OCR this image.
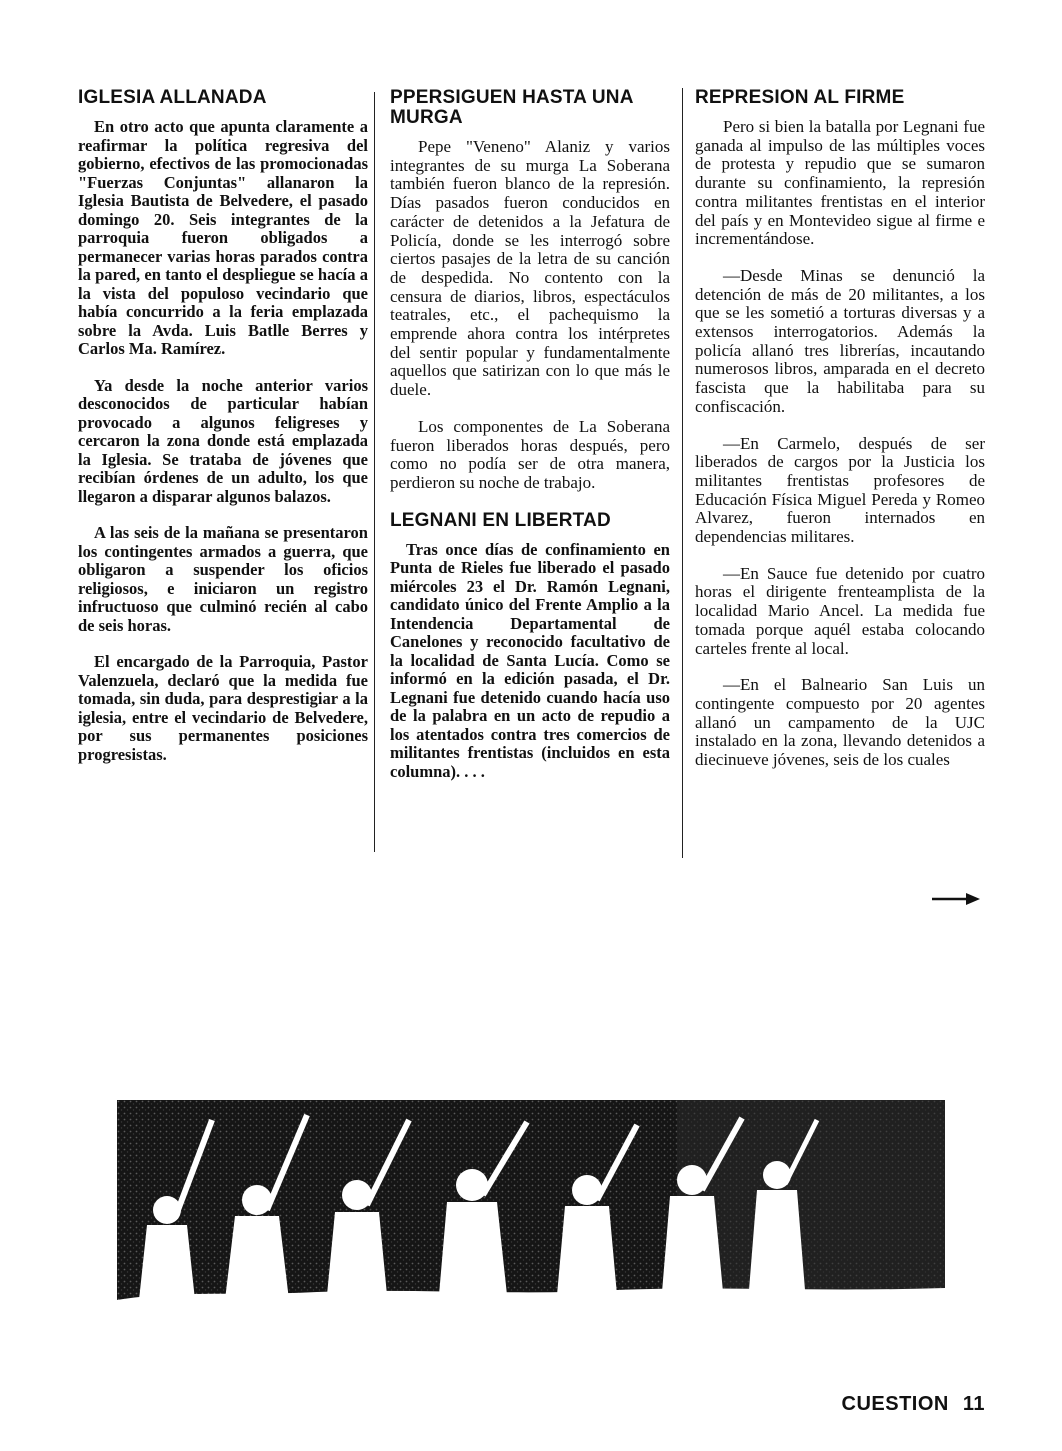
IGLESIA ALLANADA

En otro acto que apunta claramente a reafirmar la política regresiva del gobierno, efectivos de las promocionadas "Fuerzas Conjuntas" allanaron la Iglesia Bautista de Belvedere, el pasado domingo 20. Seis integrantes de la parroquia fueron obligados a permanecer varias horas parados contra la pared, en tanto el despliegue se hacía a la vista del populoso vecindario que había concurrido a la feria emplazada sobre la Avda. Luis Batlle Berres y Carlos Ma. Ramírez.

Ya desde la noche anterior varios desconocidos de particular habían provocado a algunos feligreses y cercaron la zona donde está emplazada la Iglesia. Se trataba de jóvenes que recibían órdenes de un adulto, los que llegaron a disparar algunos balazos.

A las seis de la mañana se presentaron los contingentes armados a guerra, que obligaron a suspender los oficios religiosos, e iniciaron un registro infructuoso que culminó recién al cabo de seis horas.

El encargado de la Parroquia, Pastor Valenzuela, declaró que la medida fue tomada, sin duda, para desprestigiar a la iglesia, entre el vecindario de Belvedere, por sus permanentes posiciones progresistas.

PPERSIGUEN HASTA UNA MURGA

Pepe "Veneno" Alaniz y varios integrantes de su murga La Soberana también fueron blanco de la represión. Días pasados fueron conducidos en carácter de detenidos a la Jefatura de Policía, donde se les interrogó sobre ciertos pasajes de la letra de su canción de despedida. No contento con la censura de diarios, libros, espectáculos teatrales, etc., el pachequismo la emprende ahora contra los intérpretes del sentir popular y fundamentalmente aquellos que satirizan con lo que más le duele.

Los componentes de La Soberana fueron liberados horas después, pero como no podía ser de otra manera, perdieron su noche de trabajo.

LEGNANI EN LIBERTAD

Tras once días de confinamiento en Punta de Rieles fue liberado el pasado miércoles 23 el Dr. Ramón Legnani, candidato único del Frente Amplio a la Intendencia Departamental de Canelones y reconocido facultativo de la localidad de Santa Lucía. Como se informó en la edición pasada, el Dr. Legnani fue detenido cuando hacía uso de la palabra en un acto de repudio a los atentados contra tres comercios de militantes frentistas (incluidos en esta columna). . . .

REPRESION AL FIRME

Pero si bien la batalla por Legnani fue ganada al impulso de las múltiples voces de protesta y repudio que se sumaron durante su confinamiento, la represión contra militantes frentistas en el interior del país y en Montevideo sigue al firme e incrementándose.

—Desde Minas se denunció la detención de más de 20 militantes, a los que se les sometió a torturas diversas y a extensos interrogatorios. Además la policía allanó tres librerías, incautando numerosos libros, amparada en el decreto fascista que la habilitaba para su confiscación.

—En Carmelo, después de ser liberados de cargos por la Justicia los militantes frentistas profesores de Educación Física Miguel Pereda y Romeo Alvarez, fueron internados en dependencias militares.

—En Sauce fue detenido por cuatro horas el dirigente frenteamplista de la localidad Mario Ancel. La medida fue tomada porque aquél estaba colocando carteles frente al local.

—En el Balneario San Luis un contingente compuesto por 20 agentes allanó un campamento de la UJC instalado en la zona, llevando detenidos a diecinueve jóvenes, seis de los cuales

CUESTION 11
